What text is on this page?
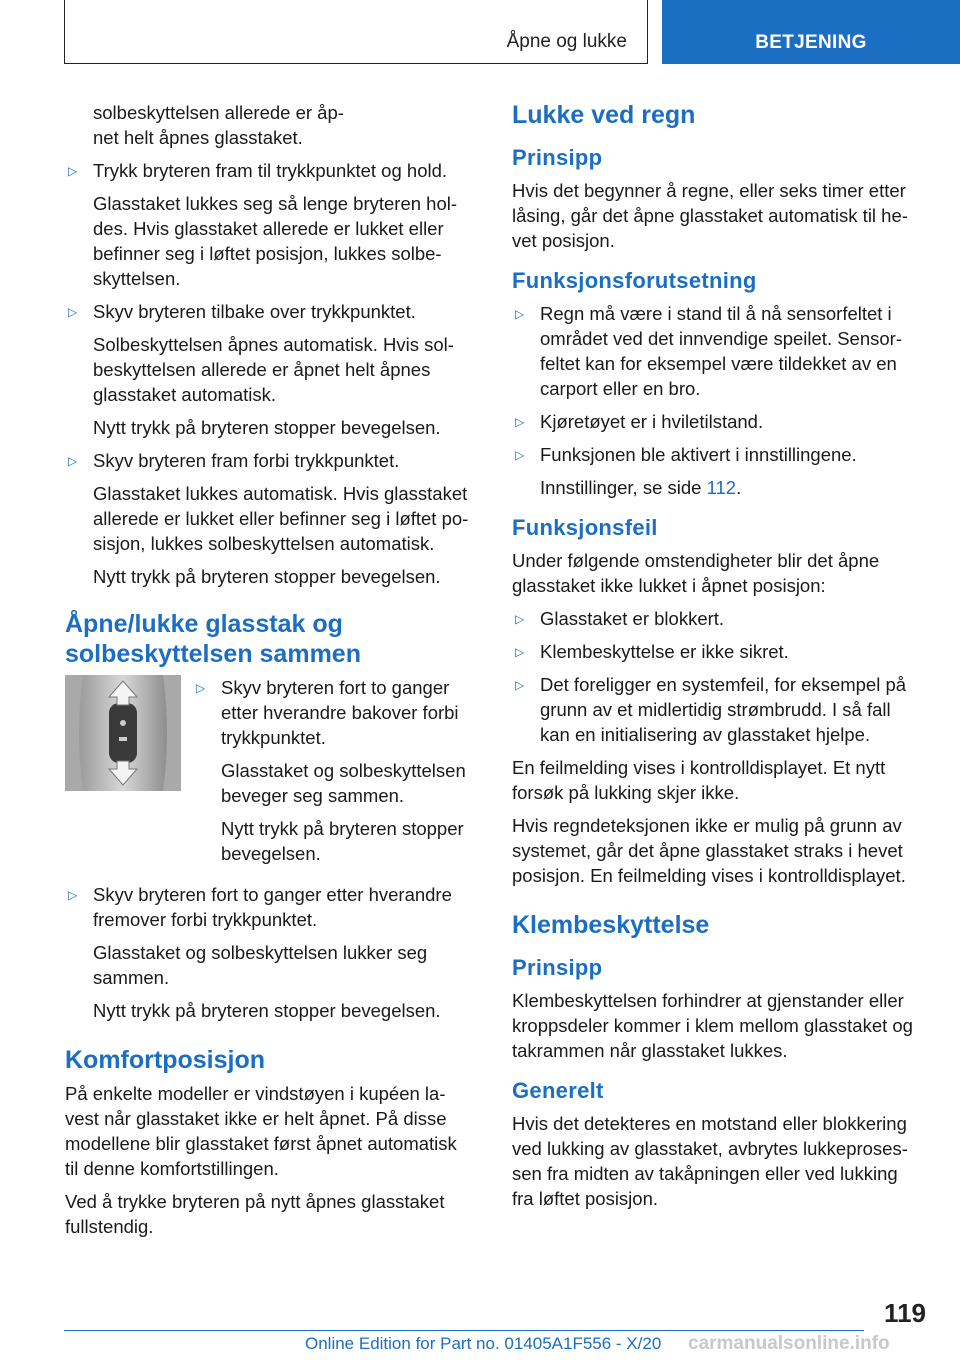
Åpne og lukke	BETJENING

solbeskyttelsen allerede er åp-
net helt åpnes glasstaket.

▷ Trykk bryteren fram til trykkpunktet og hold.

Glasstaket lukkes seg så lenge bryteren hol-
des. Hvis glasstaket allerede er lukket eller
befinner seg i løftet posisjon, lukkes solbe-
skyttelsen.

▷ Skyv bryteren tilbake over trykkpunktet.

Solbeskyttelsen åpnes automatisk. Hvis sol-
beskyttelsen allerede er åpnet helt åpnes
glasstaket automatisk.

Nytt trykk på bryteren stopper bevegelsen.

▷ Skyv bryteren fram forbi trykkpunktet.

Glasstaket lukkes automatisk. Hvis glasstaket
allerede er lukket eller befinner seg i løftet po-
sisjon, lukkes solbeskyttelsen automatisk.

Nytt trykk på bryteren stopper bevegelsen.

Åpne/lukke glasstak og
solbeskyttelsen sammen
▷ Skyv bryteren fort to ganger
etter hverandre bakover forbi
trykkpunktet.

Glasstaket og solbeskyttelsen
beveger seg sammen.

Nytt trykk på bryteren stopper
bevegelsen.

▷ Skyv bryteren fort to ganger etter hverandre
fremover forbi trykkpunktet.

Glasstaket og solbeskyttelsen lukker seg
sammen.

Nytt trykk på bryteren stopper bevegelsen.

Komfortposisjon

På enkelte modeller er vindstøyen i kupéen la-
vest når glasstaket ikke er helt åpnet. På disse
modellene blir glasstaket først åpnet automatisk
til denne komfortstillingen.

Ved å trykke bryteren på nytt åpnes glasstaket
fullstendig.

Lukke ved regn
Prinsipp

Hvis det begynner å regne, eller seks timer etter
låsing, går det åpne glasstaket automatisk til he-
vet posisjon.

Funksjonsforutsetning
▷ Regn må være i stand til å nå sensorfeltet i
området ved det innvendige speilet. Sensor-
feltet kan for eksempel være tildekket av en
carport eller en bro.

▷ Kjøretøyet er i hviletilstand.

▷ Funksjonen ble aktivert i innstillingene.

Innstillinger, se side 112.

Funksjonsfeil

Under følgende omstendigheter blir det åpne
glasstaket ikke lukket i åpnet posisjon:

▷ Glasstaket er blokkert.

▷ Klembeskyttelse er ikke sikret.

▷ Det foreligger en systemfeil, for eksempel på
grunn av et midlertidig strømbrudd. I så fall
kan en initialisering av glasstaket hjelpe.

En feilmelding vises i kontrolldisplayet. Et nytt
forsøk på lukking skjer ikke.

Hvis regndeteksjonen ikke er mulig på grunn av
systemet, går det åpne glasstaket straks i hevet
posisjon. En feilmelding vises i kontrolldisplayet.

Klembeskyttelse
Prinsipp

Klembeskyttelsen forhindrer at gjenstander eller
kroppsdeler kommer i klem mellom glasstaket og
takrammen når glasstaket lukkes.

Generelt

Hvis det detekteres en motstand eller blokkering
ved lukking av glasstaket, avbrytes lukkeproses-
sen fra midten av takåpningen eller ved lukking
fra løftet posisjon.

119
Online Edition for Part no. 01405A1F556 - X/20 carmanualsonline.info
